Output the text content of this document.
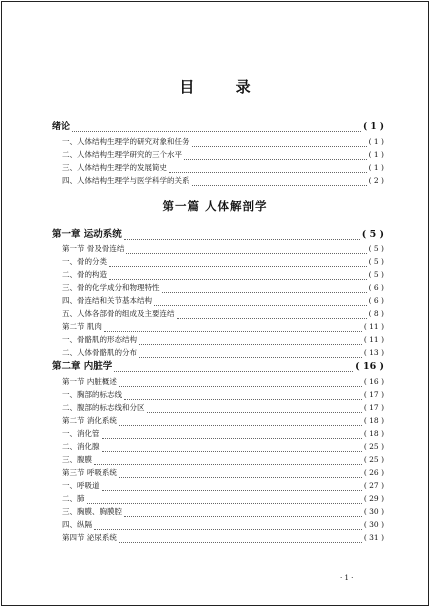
目 录
绪论	( 1 )
一、人体结构生理学的研究对象和任务	( 1 )
二、人体结构生理学研究的三个水平	( 1 )
三、人体结构生理学的发展简史	( 1 )
四、人体结构生理学与医学科学的关系	( 2 )
第一篇 人体解剖学
第一章 运动系统	( 5 )
第一节 骨及骨连结	( 5 )
一、骨的分类	( 5 )
二、骨的构造	( 5 )
三、骨的化学成分和物理特性	( 6 )
四、骨连结和关节基本结构	( 6 )
五、人体各部骨的组成及主要连结	( 8 )
第二节 肌肉	( 11 )
一、骨骼肌的形态结构	( 11 )
二、人体骨骼肌的分布	( 13 )
第二章 内脏学	( 16 )
第一节 内脏概述	( 16 )
一、胸部的标志线	( 17 )
二、腹部的标志线和分区	( 17 )
第二节 消化系统	( 18 )
一、消化管	( 18 )
二、消化腺	( 25 )
三、腹膜	( 25 )
第三节 呼吸系统	( 26 )
一、呼吸道	( 27 )
二、肺	( 29 )
三、胸膜、胸膜腔	( 30 )
四、纵隔	( 30 )
第四节 泌尿系统	( 31 )
· 1 ·
